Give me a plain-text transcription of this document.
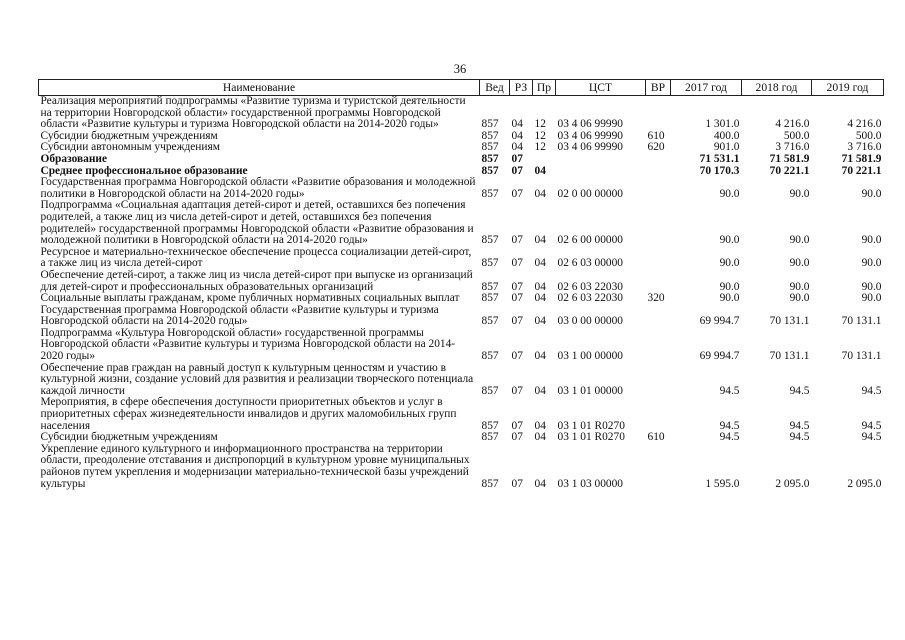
36
Наименование	Вед	РЗ	Пр	ЦСТ	ВР	2017 год	2018 год	2019 год
Реализация мероприятий подпрограммы «Развитие туризма и туристской деятельности на территории Новгородской области» государственной программы Новгородской области «Развитие культуры и туризма Новгородской области на 2014-2020 годы»	857	04	12	03 4 06 99990		1 301.0	4 216.0	4 216.0
Субсидии бюджетным учреждениям	857	04	12	03 4 06 99990	610	400.0	500.0	500.0
Субсидии автономным учреждениям	857	04	12	03 4 06 99990	620	901.0	3 716.0	3 716.0
Образование	857	07				71 531.1	71 581.9	71 581.9
Среднее профессиональное образование	857	07	04			70 170.3	70 221.1	70 221.1
Государственная программа Новгородской области «Развитие образования и молодежной политики в Новгородской области на 2014-2020 годы»	857	07	04	02 0 00 00000		90.0	90.0	90.0
Подпрограмма «Социальная адаптация детей-сирот и детей, оставшихся без попечения родителей, а также лиц из числа детей-сирот и детей, оставшихся без попечения родителей» государственной программы Новгородской области «Развитие образования и молодежной политики в Новгородской области на 2014-2020 годы»	857	07	04	02 6 00 00000		90.0	90.0	90.0
Ресурсное и материально-техническое обеспечение процесса социализации детей-сирот, а также лиц из числа детей-сирот	857	07	04	02 6 03 00000		90.0	90.0	90.0
Обеспечение детей-сирот, а также лиц из числа детей-сирот при выпуске из организаций для детей-сирот и профессиональных образовательных организаций	857	07	04	02 6 03 22030		90.0	90.0	90.0
Социальные выплаты гражданам, кроме публичных нормативных социальных выплат	857	07	04	02 6 03 22030	320	90.0	90.0	90.0
Государственная программа Новгородской области «Развитие культуры и туризма Новгородской области на 2014-2020 годы»	857	07	04	03 0 00 00000		69 994.7	70 131.1	70 131.1
Подпрограмма «Культура Новгородской области» государственной программы Новгородской области «Развитие культуры и туризма Новгородской области на 2014-2020 годы»	857	07	04	03 1 00 00000		69 994.7	70 131.1	70 131.1
Обеспечение прав граждан на равный доступ к культурным ценностям и участию в культурной жизни, создание условий для развития и реализации творческого потенциала каждой личности	857	07	04	03 1 01 00000		94.5	94.5	94.5
Мероприятия, в сфере обеспечения доступности приоритетных объектов и услуг в приоритетных сферах жизнедеятельности инвалидов и других маломобильных групп населения	857	07	04	03 1 01 R0270		94.5	94.5	94.5
Субсидии бюджетным учреждениям	857	07	04	03 1 01 R0270	610	94.5	94.5	94.5
Укрепление единого культурного и информационного пространства на территории области, преодоление отставания и диспропорций в культурном уровне муниципальных районов путем укрепления и модернизации материально-технической базы учреждений культуры	857	07	04	03 1 03 00000		1 595.0	2 095.0	2 095.0
